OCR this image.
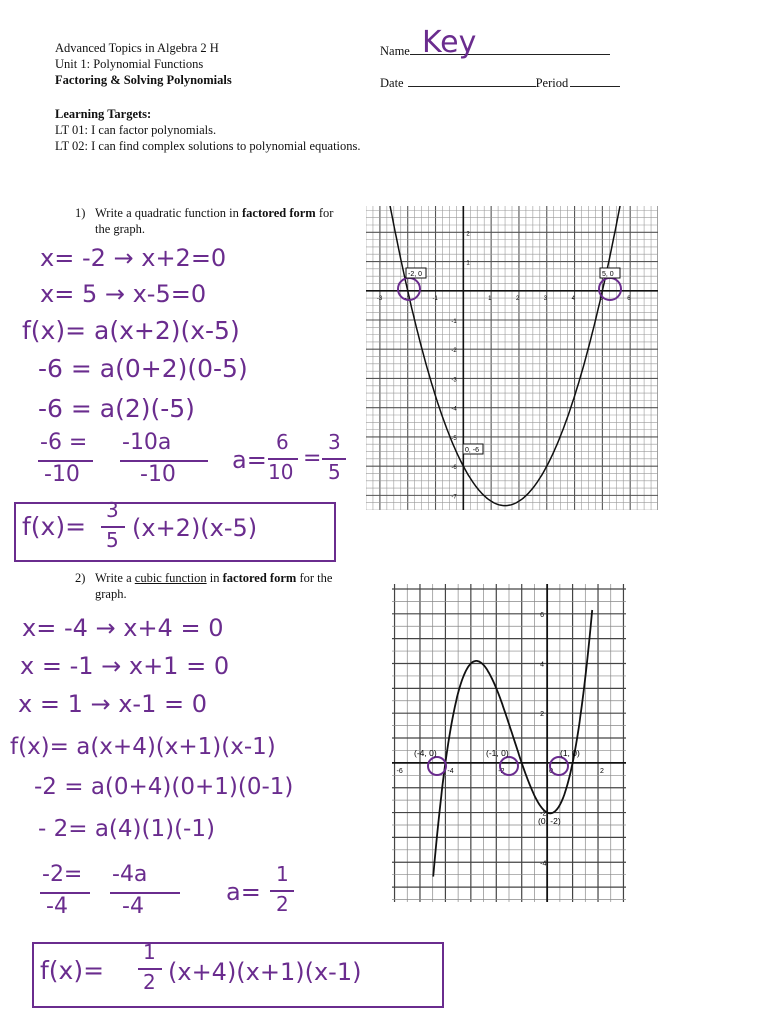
Advanced Topics in Algebra 2 H
Unit 1: Polynomial Functions
Factoring & Solving Polynomials
Name Key
Date	Period
Learning Targets:
LT 01: I can factor polynomials.
LT 02: I can find complex solutions to polynomial equations.
1) Write a quadratic function in factored form for
the graph.
x= -2 → x+2=0
x= 5 → x-5=0
f(x)= a(x+2)(x-5)
-6 = a(0+2)(0-5)
-6 = a(2)(-5)
-6 =
-10
-10a
-10
a=
6
10
=
3
5
f(x)=
3
5 (x+2)(x-5)
2
1
-3	-2	-1	1	2	3	4	5	6
-1
-2
-3
-4
-5
-6
-7
-2, 0	5, 0
0, -6
2) Write a cubic function in factored form for the
graph.
x= -4 → x+4 = 0
x = -1 → x+1 = 0
x = 1 → x-1 = 0
f(x)= a(x+4)(x+1)(x-1)
-2 = a(0+4)(0+1)(0-1)
- 2= a(4)(1)(-1)
-2=
-4
-4a
-4
a=
1
2
f(x)=
1
2 (x+4)(x+1)(x-1)
6
4
2
-2
-4
-6	-4	-2	0	2
(-4, 0)	(-1, 0)	(1, 0)
(0, -2)
